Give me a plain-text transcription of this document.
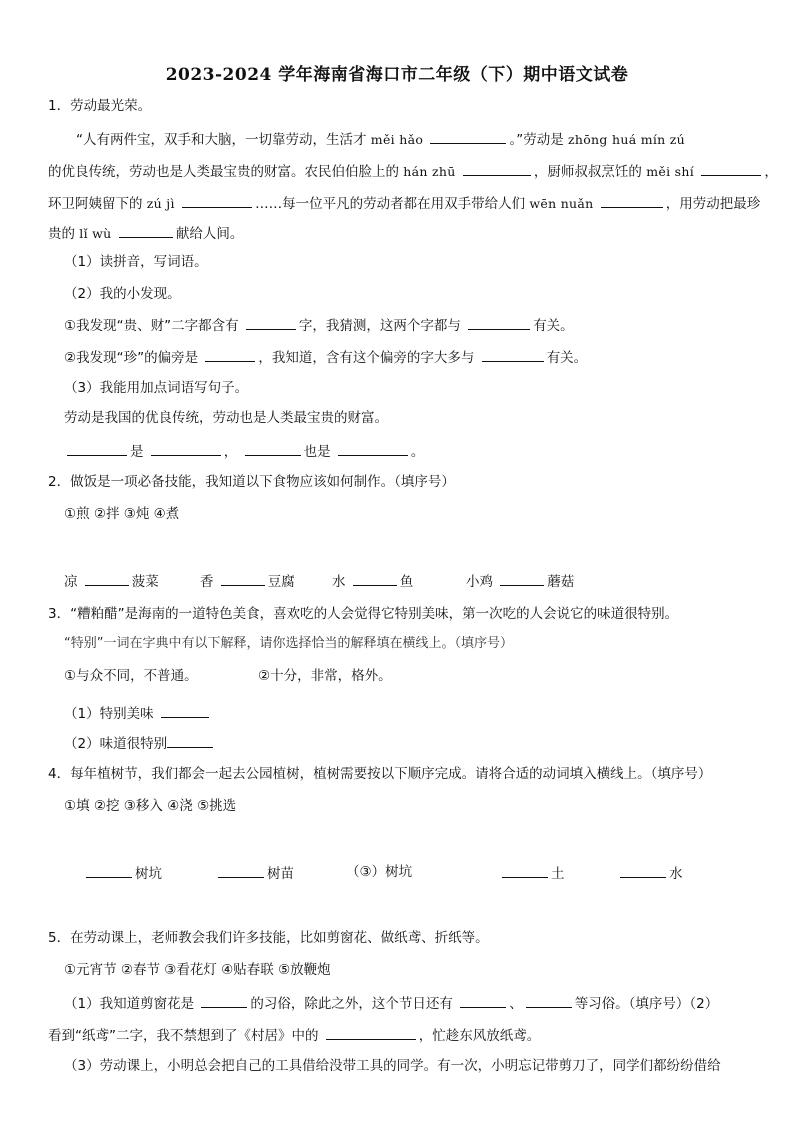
2023-2024 学年海南省海口市二年级（下）期中语文试卷
1．劳动最光荣。
“人有两件宝，双手和大脑，一切靠劳动，生活才 měi hǎo	。”劳动是 zhōng huá mín zú
的优良传统，劳动也是人类最宝贵的财富。农民伯伯脸上的 hán zhū	，厨师叔叔烹饪的 měi shí	，
环卫阿姨留下的 zú jì	……每一位平凡的劳动者都在用双手带给人们 wēn nuǎn	，用劳动把最珍
贵的 lǐ wù	献给人间。
（1）读拼音，写词语。
（2）我的小发现。
①我发现“贵、财”二字都含有	字，我猜测，这两个字都与	有关。
②我发现“珍”的偏旁是	，我知道，含有这个偏旁的字大多与	有关。
（3）我能用加点词语写句子。
劳动是我国的优良传统，劳动也是人类最宝贵的财富。
是	，	也是	。
2．做饭是一项必备技能，我知道以下食物应该如何制作。（填序号）
①煎 ②拌 ③炖 ④煮
凉	菠菜	香	豆腐	水	鱼	小鸡	蘑菇
3．“糟粕醋”是海南的一道特色美食，喜欢吃的人会觉得它特别美味，第一次吃的人会说它的味道很特别。
“特别”一词在字典中有以下解释，请你选择恰当的解释填在横线上。（填序号）
①与众不同，不普通。	②十分，非常，格外。
（1）特别美味
（2）味道很特别
4．每年植树节，我们都会一起去公园植树，植树需要按以下顺序完成。请将合适的动词填入横线上。（填序号）
①填 ②挖 ③移入 ④浇 ⑤挑选
树坑	树苗	（③）树坑	土	水
5．在劳动课上，老师教会我们许多技能，比如剪窗花、做纸鸢、折纸等。
①元宵节 ②春节 ③看花灯 ④贴春联 ⑤放鞭炮
（1）我知道剪窗花是	的习俗，除此之外，这个节日还有	、	等习俗。（填序号）（2）
看到“纸鸢”二字，我不禁想到了《村居》中的	，忙趁东风放纸鸢。
（3）劳动课上，小明总会把自己的工具借给没带工具的同学。有一次，小明忘记带剪刀了，同学们都纷纷借给
